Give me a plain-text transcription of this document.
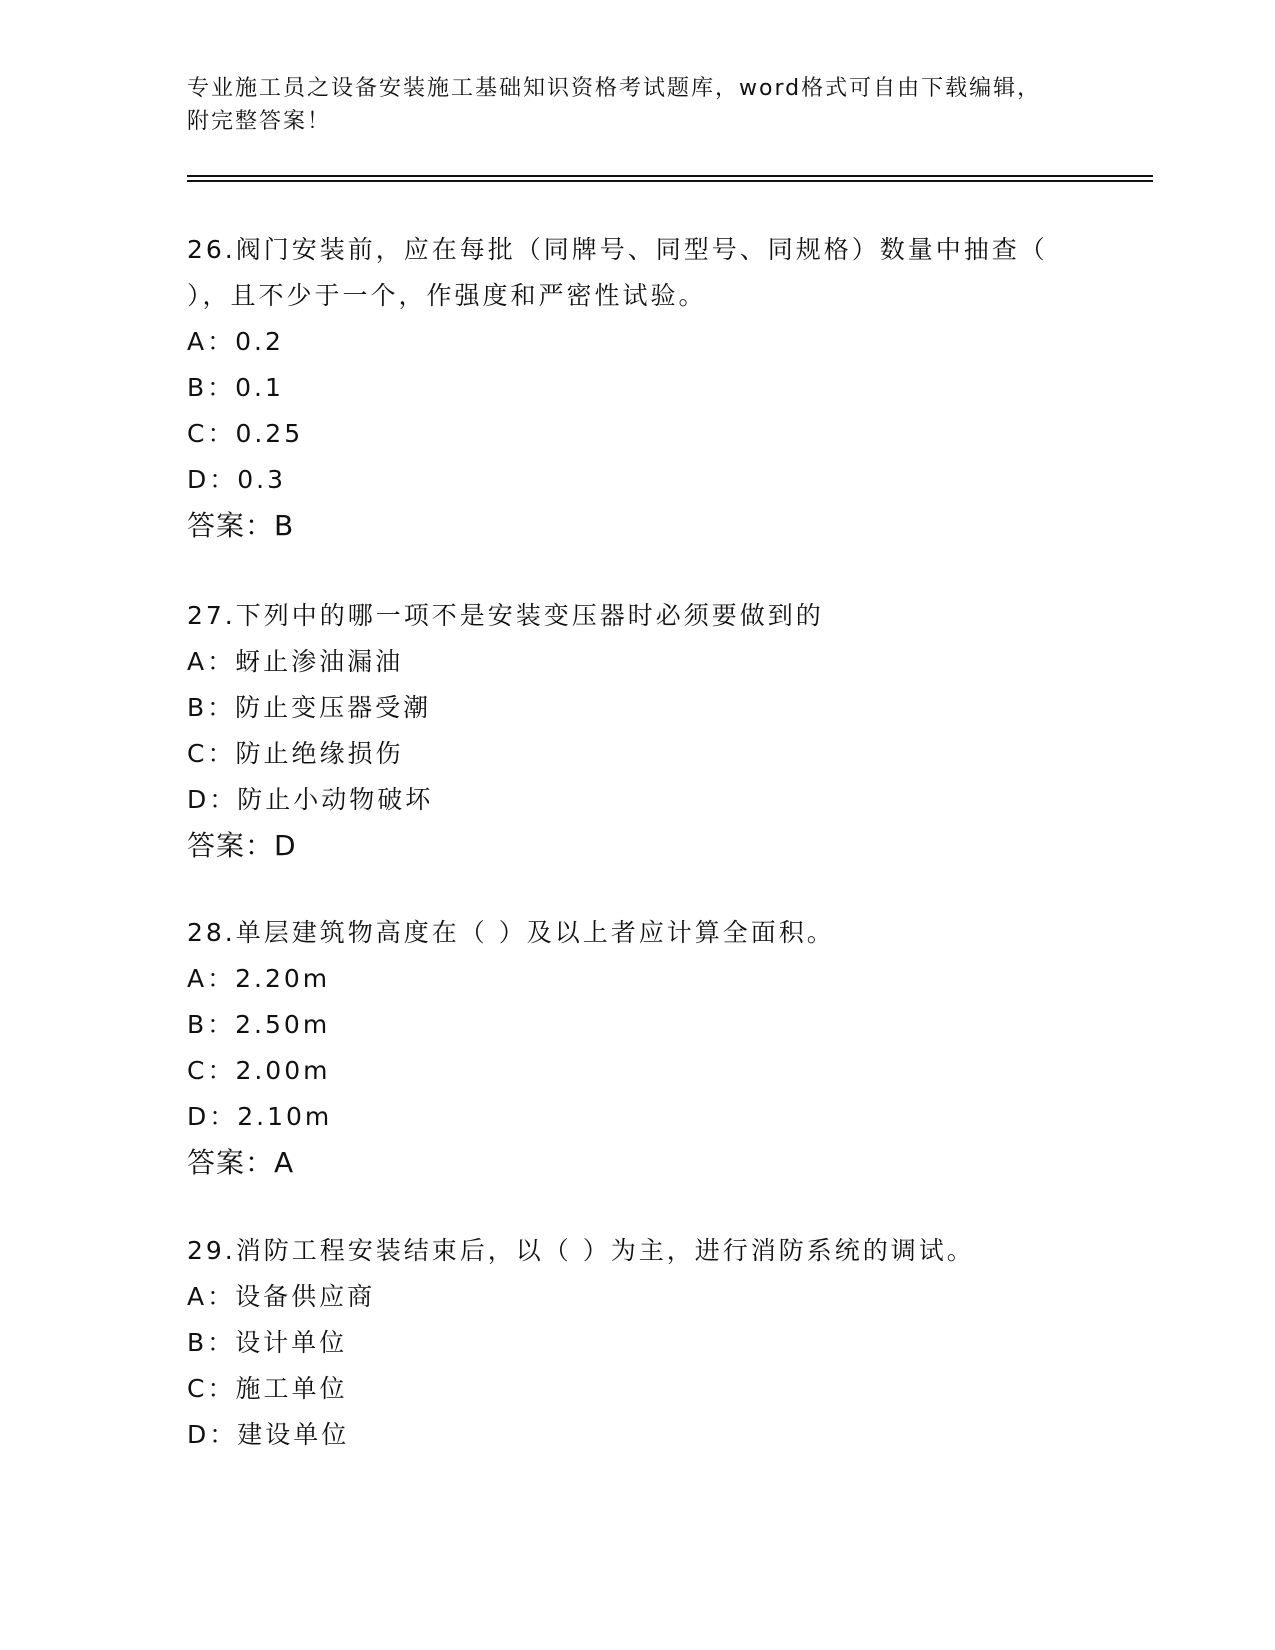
专业施工员之设备安装施工基础知识资格考试题库，word格式可自由下载编辑，
附完整答案！
26.阀门安装前，应在每批（同牌号、同型号、同规格）数量中抽查（
），且不少于一个，作强度和严密性试验。
A：0.2
B：0.1
C：0.25
D：0.3
答案：B
27.下列中的哪一项不是安装变压器时必须要做到的
A：蚜止渗油漏油
B：防止变压器受潮
C：防止绝缘损伤
D：防止小动物破坏
答案：D
28.单层建筑物高度在（ ）及以上者应计算全面积。
A：2.20m
B：2.50m
C：2.00m
D：2.10m
答案：A
29.消防工程安装结束后，以（ ）为主，进行消防系统的调试。
A：设备供应商
B：设计单位
C：施工单位
D：建设单位
